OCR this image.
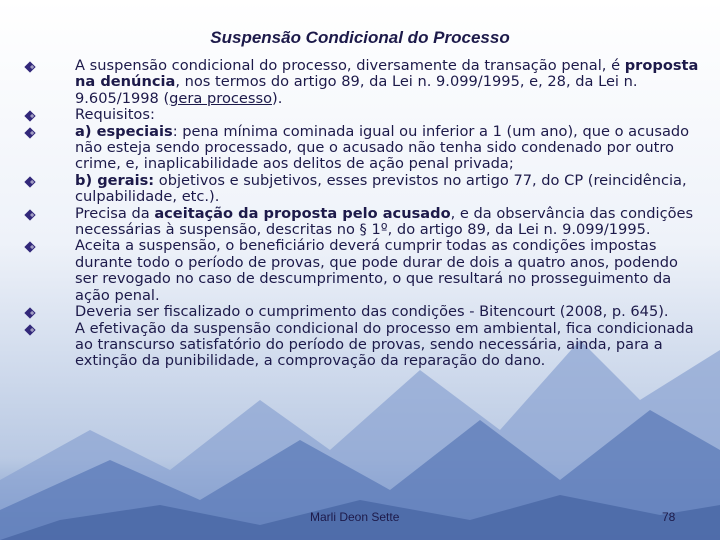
Suspensão Condicional do Processo
A suspensão condicional do processo, diversamente da transação penal, é proposta na denúncia, nos termos do artigo 89, da Lei n. 9.099/1995, e, 28, da Lei n. 9.605/1998 (gera processo).
Requisitos:
a) especiais: pena mínima cominada igual ou inferior a 1 (um ano), que o acusado não esteja sendo processado, que o acusado não tenha sido condenado por outro crime, e, inaplicabilidade aos delitos de ação penal privada;
b) gerais: objetivos e subjetivos, esses previstos no artigo 77, do CP (reincidência, culpabilidade, etc.).
Precisa da aceitação da proposta pelo acusado, e da observância das condições necessárias à suspensão, descritas no § 1º, do artigo 89, da Lei n. 9.099/1995.
Aceita a suspensão, o beneficiário deverá cumprir todas as condições impostas durante todo o período de provas, que pode durar de dois a quatro anos, podendo ser revogado no caso de descumprimento, o que resultará no prosseguimento da ação penal.
Deveria ser fiscalizado o cumprimento das condições - Bitencourt (2008, p. 645).
A efetivação da suspensão condicional do processo em ambiental, fica condicionada ao transcurso satisfatório do período de provas, sendo necessária, ainda, para a extinção da punibilidade, a comprovação da reparação do dano.
Marli Deon Sette	78
